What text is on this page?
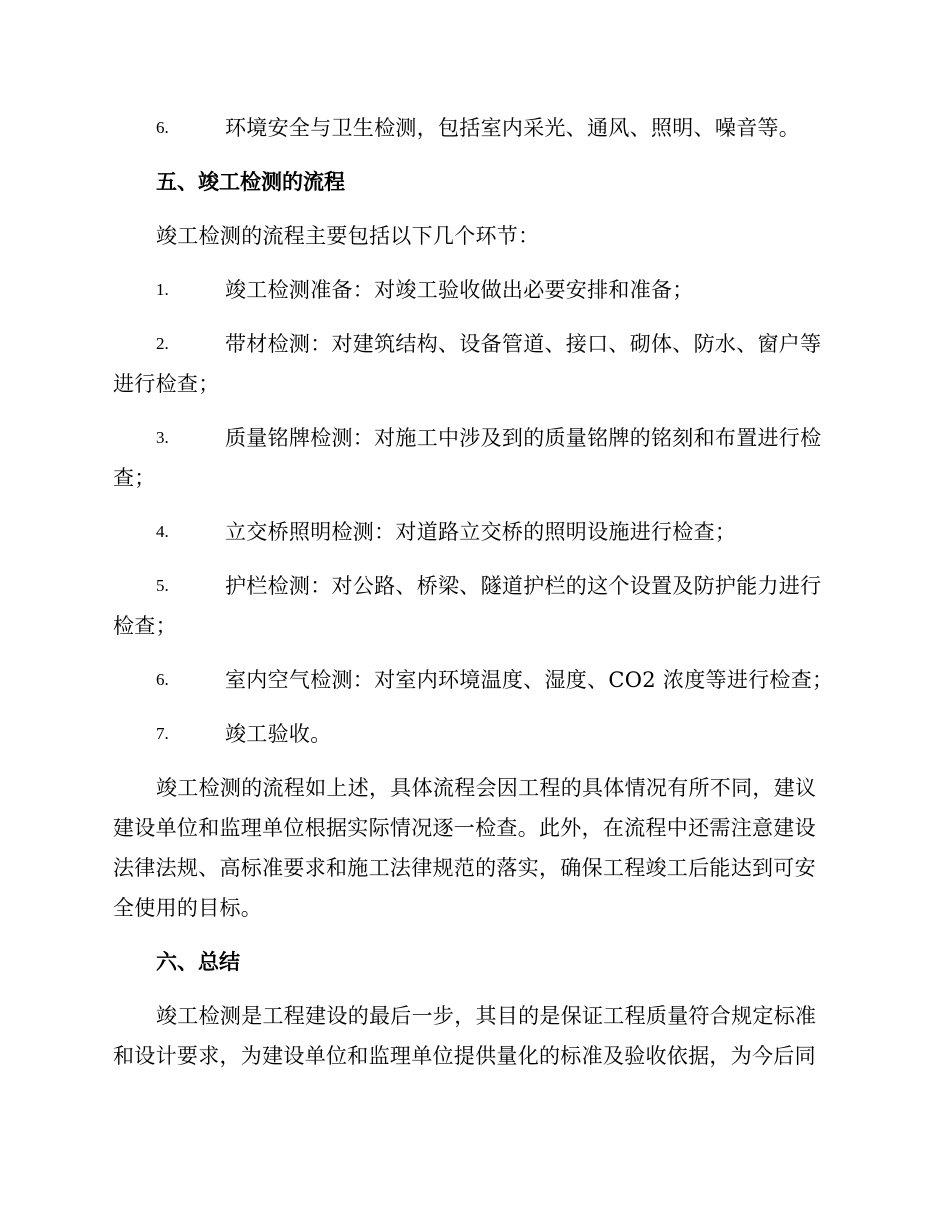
6.	环境安全与卫生检测，包括室内采光、通风、照明、噪音等。
五、竣工检测的流程
竣工检测的流程主要包括以下几个环节：
1.	竣工检测准备：对竣工验收做出必要安排和准备；
2.	带材检测：对建筑结构、设备管道、接口、砌体、防水、窗户等
进行检查；
3.	质量铭牌检测：对施工中涉及到的质量铭牌的铭刻和布置进行检
查；
4.	立交桥照明检测：对道路立交桥的照明设施进行检查；
5.	护栏检测：对公路、桥梁、隧道护栏的这个设置及防护能力进行
检查；
6.	室内空气检测：对室内环境温度、湿度、CO2 浓度等进行检查；
7.	竣工验收。
竣工检测的流程如上述，具体流程会因工程的具体情况有所不同，建议
建设单位和监理单位根据实际情况逐一检查。此外，在流程中还需注意建设
法律法规、高标准要求和施工法律规范的落实，确保工程竣工后能达到可安
全使用的目标。
六、总结
竣工检测是工程建设的最后一步，其目的是保证工程质量符合规定标准
和设计要求，为建设单位和监理单位提供量化的标准及验收依据，为今后同
